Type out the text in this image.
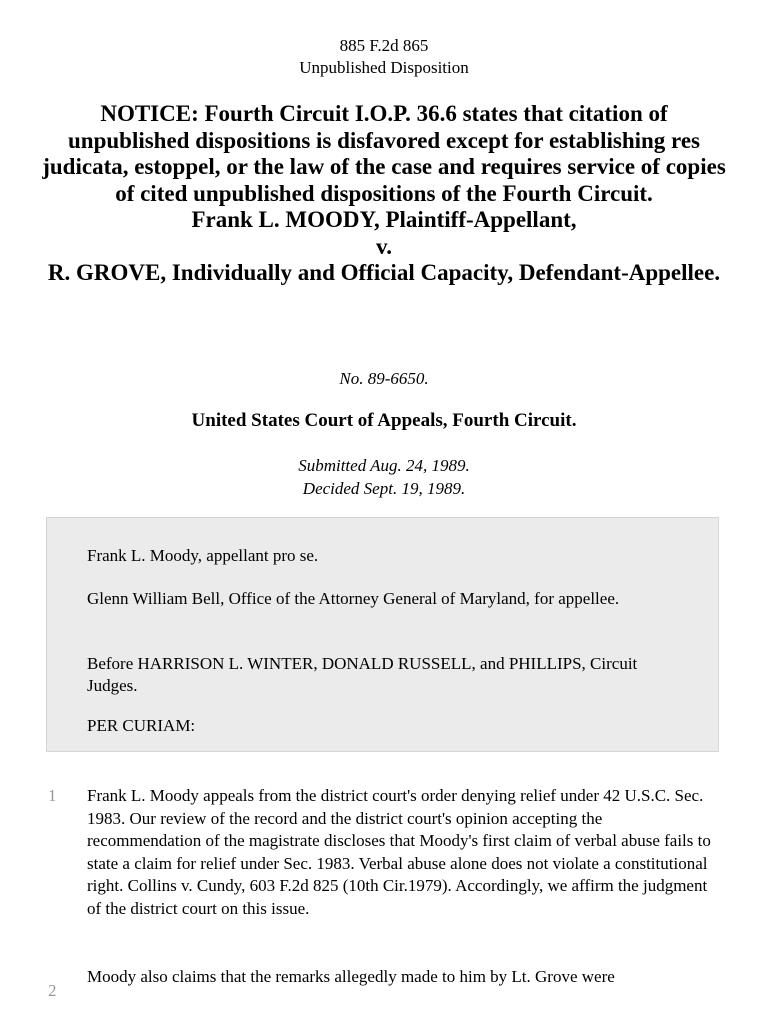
885 F.2d 865
Unpublished Disposition
NOTICE: Fourth Circuit I.O.P. 36.6 states that citation of unpublished dispositions is disfavored except for establishing res judicata, estoppel, or the law of the case and requires service of copies of cited unpublished dispositions of the Fourth Circuit.
Frank L. MOODY, Plaintiff-Appellant,
v.
R. GROVE, Individually and Official Capacity, Defendant-Appellee.
No. 89-6650.
United States Court of Appeals, Fourth Circuit.
Submitted Aug. 24, 1989.
Decided Sept. 19, 1989.

Frank L. Moody, appellant pro se.

Glenn William Bell, Office of the Attorney General of Maryland, for appellee.

Before HARRISON L. WINTER, DONALD RUSSELL, and PHILLIPS, Circuit Judges.

PER CURIAM:

1 Frank L. Moody appeals from the district court's order denying relief under 42 U.S.C. Sec. 1983. Our review of the record and the district court's opinion accepting the recommendation of the magistrate discloses that Moody's first claim of verbal abuse fails to state a claim for relief under Sec. 1983. Verbal abuse alone does not violate a constitutional right. Collins v. Cundy, 603 F.2d 825 (10th Cir.1979). Accordingly, we affirm the judgment of the district court on this issue.

2

Moody also claims that the remarks allegedly made to him by Lt. Grove were
